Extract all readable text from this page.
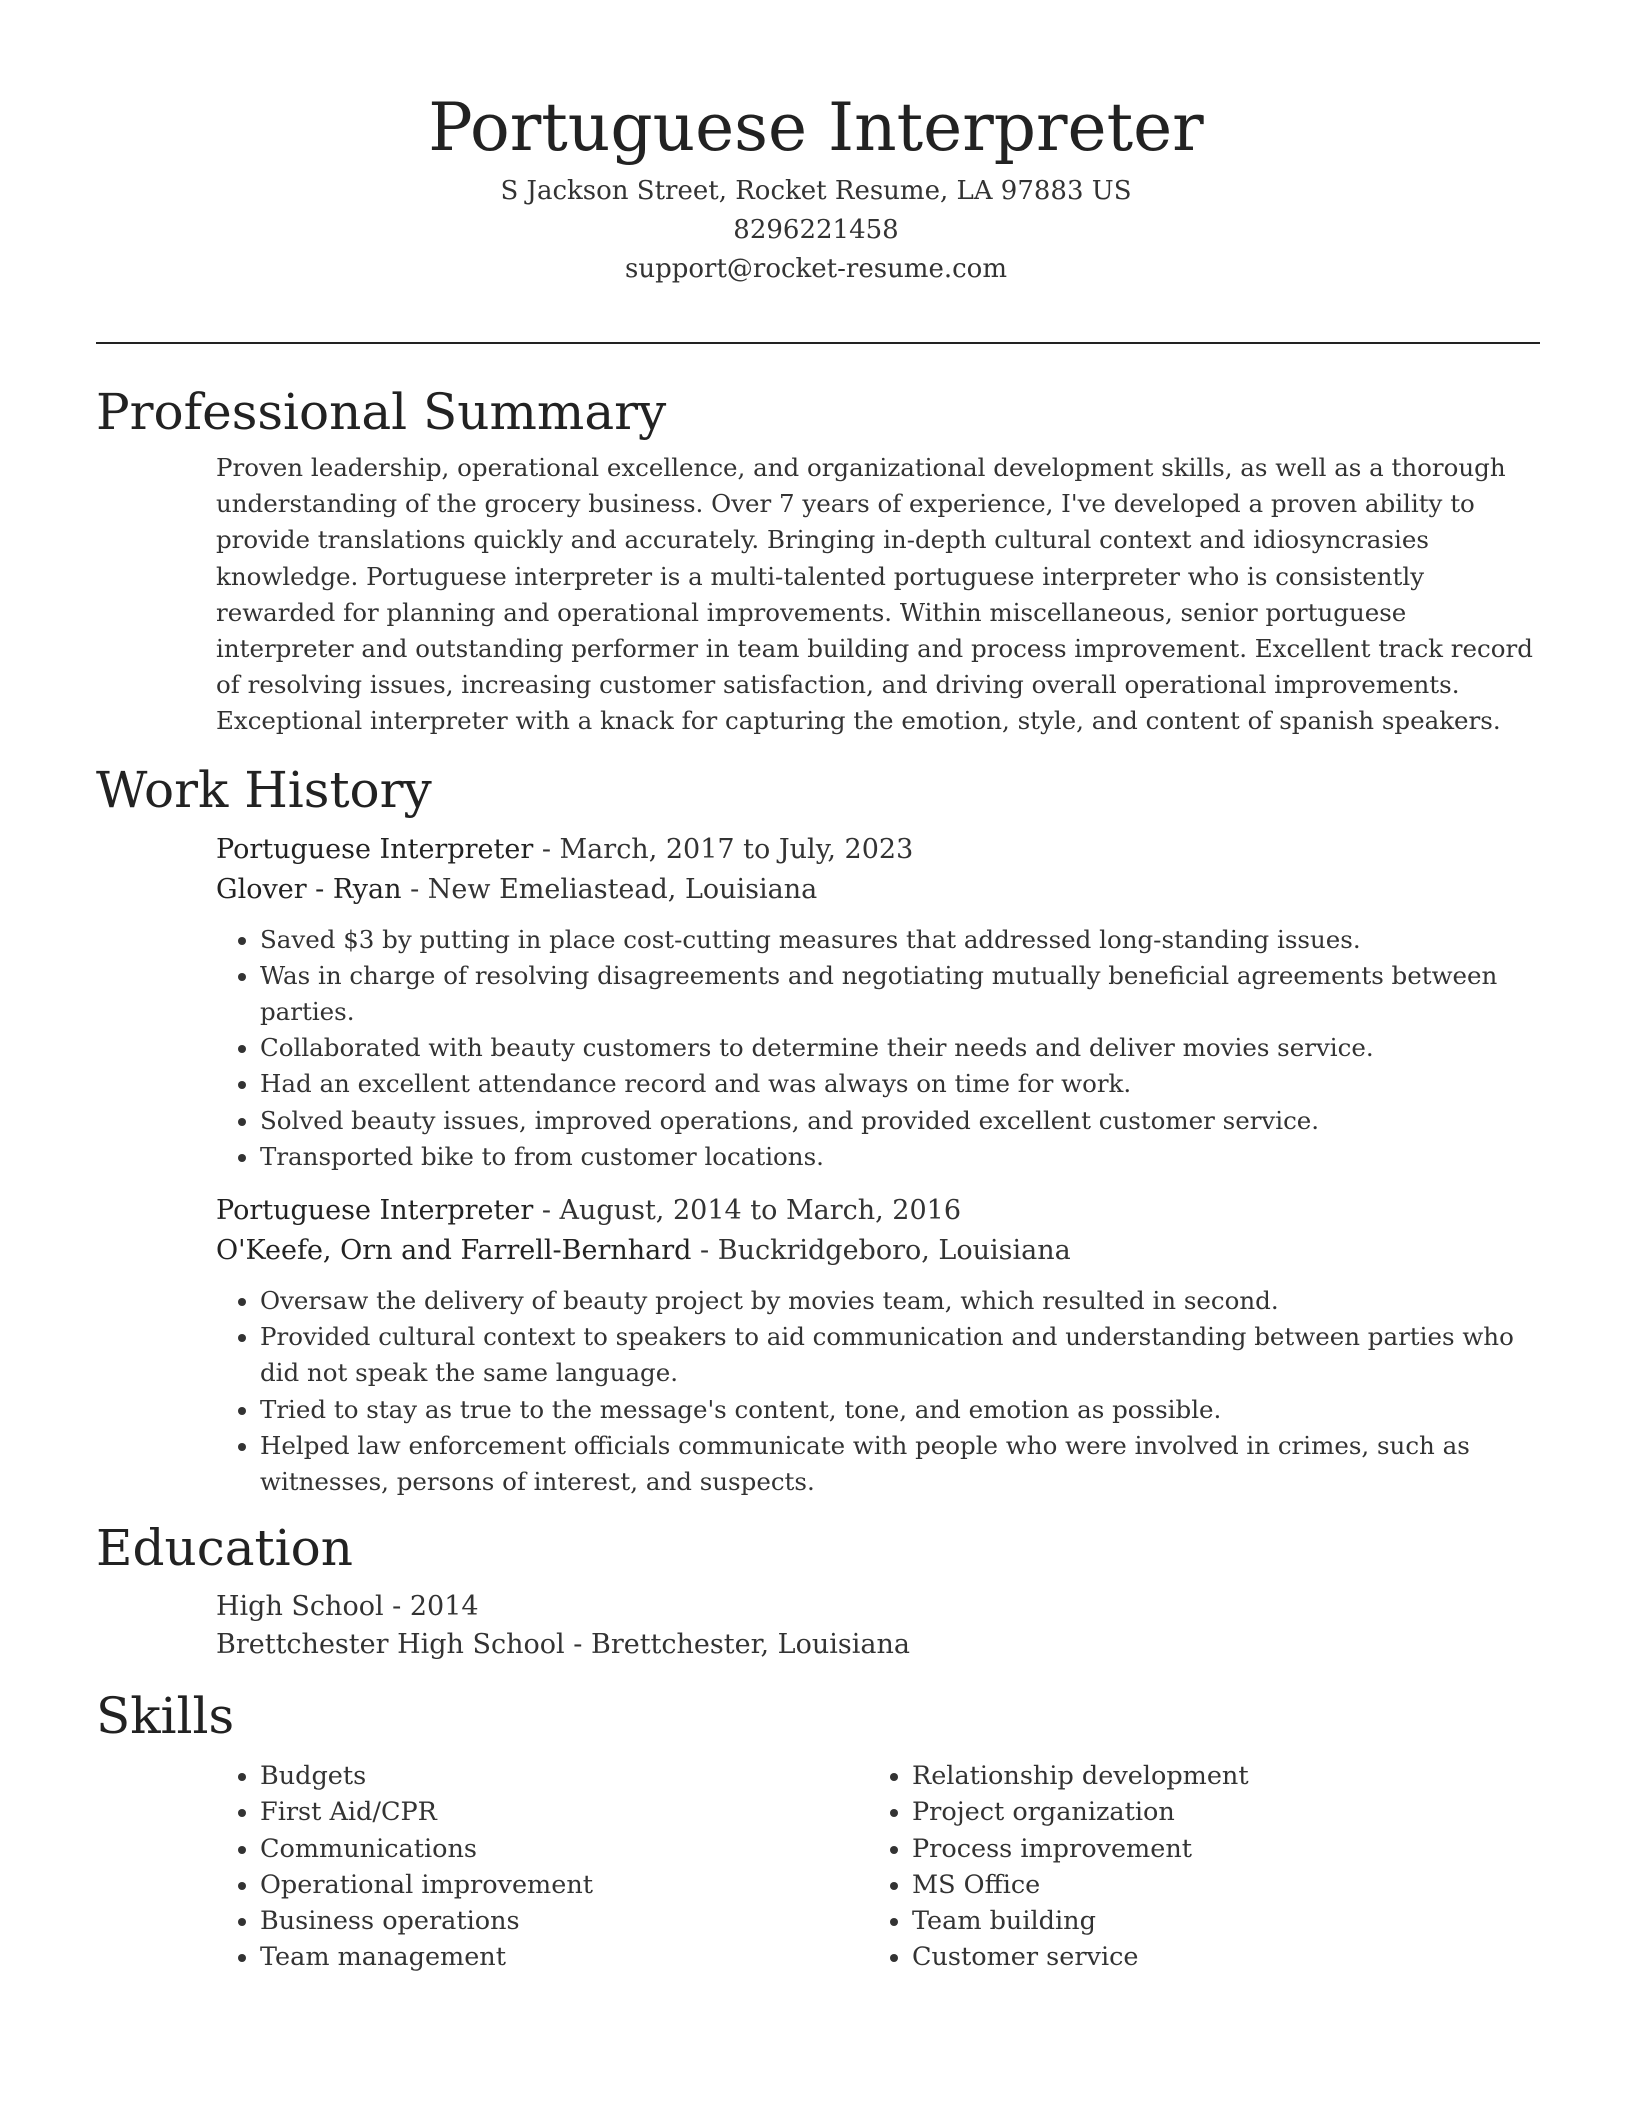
Portuguese Interpreter
S Jackson Street, Rocket Resume, LA 97883 US
8296221458
support@rocket-resume.com
Professional Summary

Proven leadership, operational excellence, and organizational development skills, as well as a thorough understanding of the grocery business. Over 7 years of experience, I've developed a proven ability to provide translations quickly and accurately. Bringing in-depth cultural context and idiosyncrasies knowledge. Portuguese interpreter is a multi-talented portuguese interpreter who is consistently rewarded for planning and operational improvements. Within miscellaneous, senior portuguese interpreter and outstanding performer in team building and process improvement. Excellent track record of resolving issues, increasing customer satisfaction, and driving overall operational improvements. Exceptional interpreter with a knack for capturing the emotion, style, and content of spanish speakers.

Work History
Portuguese Interpreter - March, 2017 to July, 2023
Glover - Ryan - New Emeliastead, Louisiana
• Saved $3 by putting in place cost-cutting measures that addressed long-standing issues.
• Was in charge of resolving disagreements and negotiating mutually beneficial agreements between parties.
• Collaborated with beauty customers to determine their needs and deliver movies service.
• Had an excellent attendance record and was always on time for work.
• Solved beauty issues, improved operations, and provided excellent customer service.
• Transported bike to from customer locations.
Portuguese Interpreter - August, 2014 to March, 2016
O'Keefe, Orn and Farrell-Bernhard - Buckridgeboro, Louisiana
• Oversaw the delivery of beauty project by movies team, which resulted in second.
• Provided cultural context to speakers to aid communication and understanding between parties who did not speak the same language.
• Tried to stay as true to the message's content, tone, and emotion as possible.
• Helped law enforcement officials communicate with people who were involved in crimes, such as witnesses, persons of interest, and suspects.
Education
High School - 2014
Brettchester High School - Brettchester, Louisiana
Skills
• Budgets
• First Aid/CPR
• Communications
• Operational improvement
• Business operations
• Team management
• Relationship development
• Project organization
• Process improvement
• MS Office
• Team building
• Customer service
